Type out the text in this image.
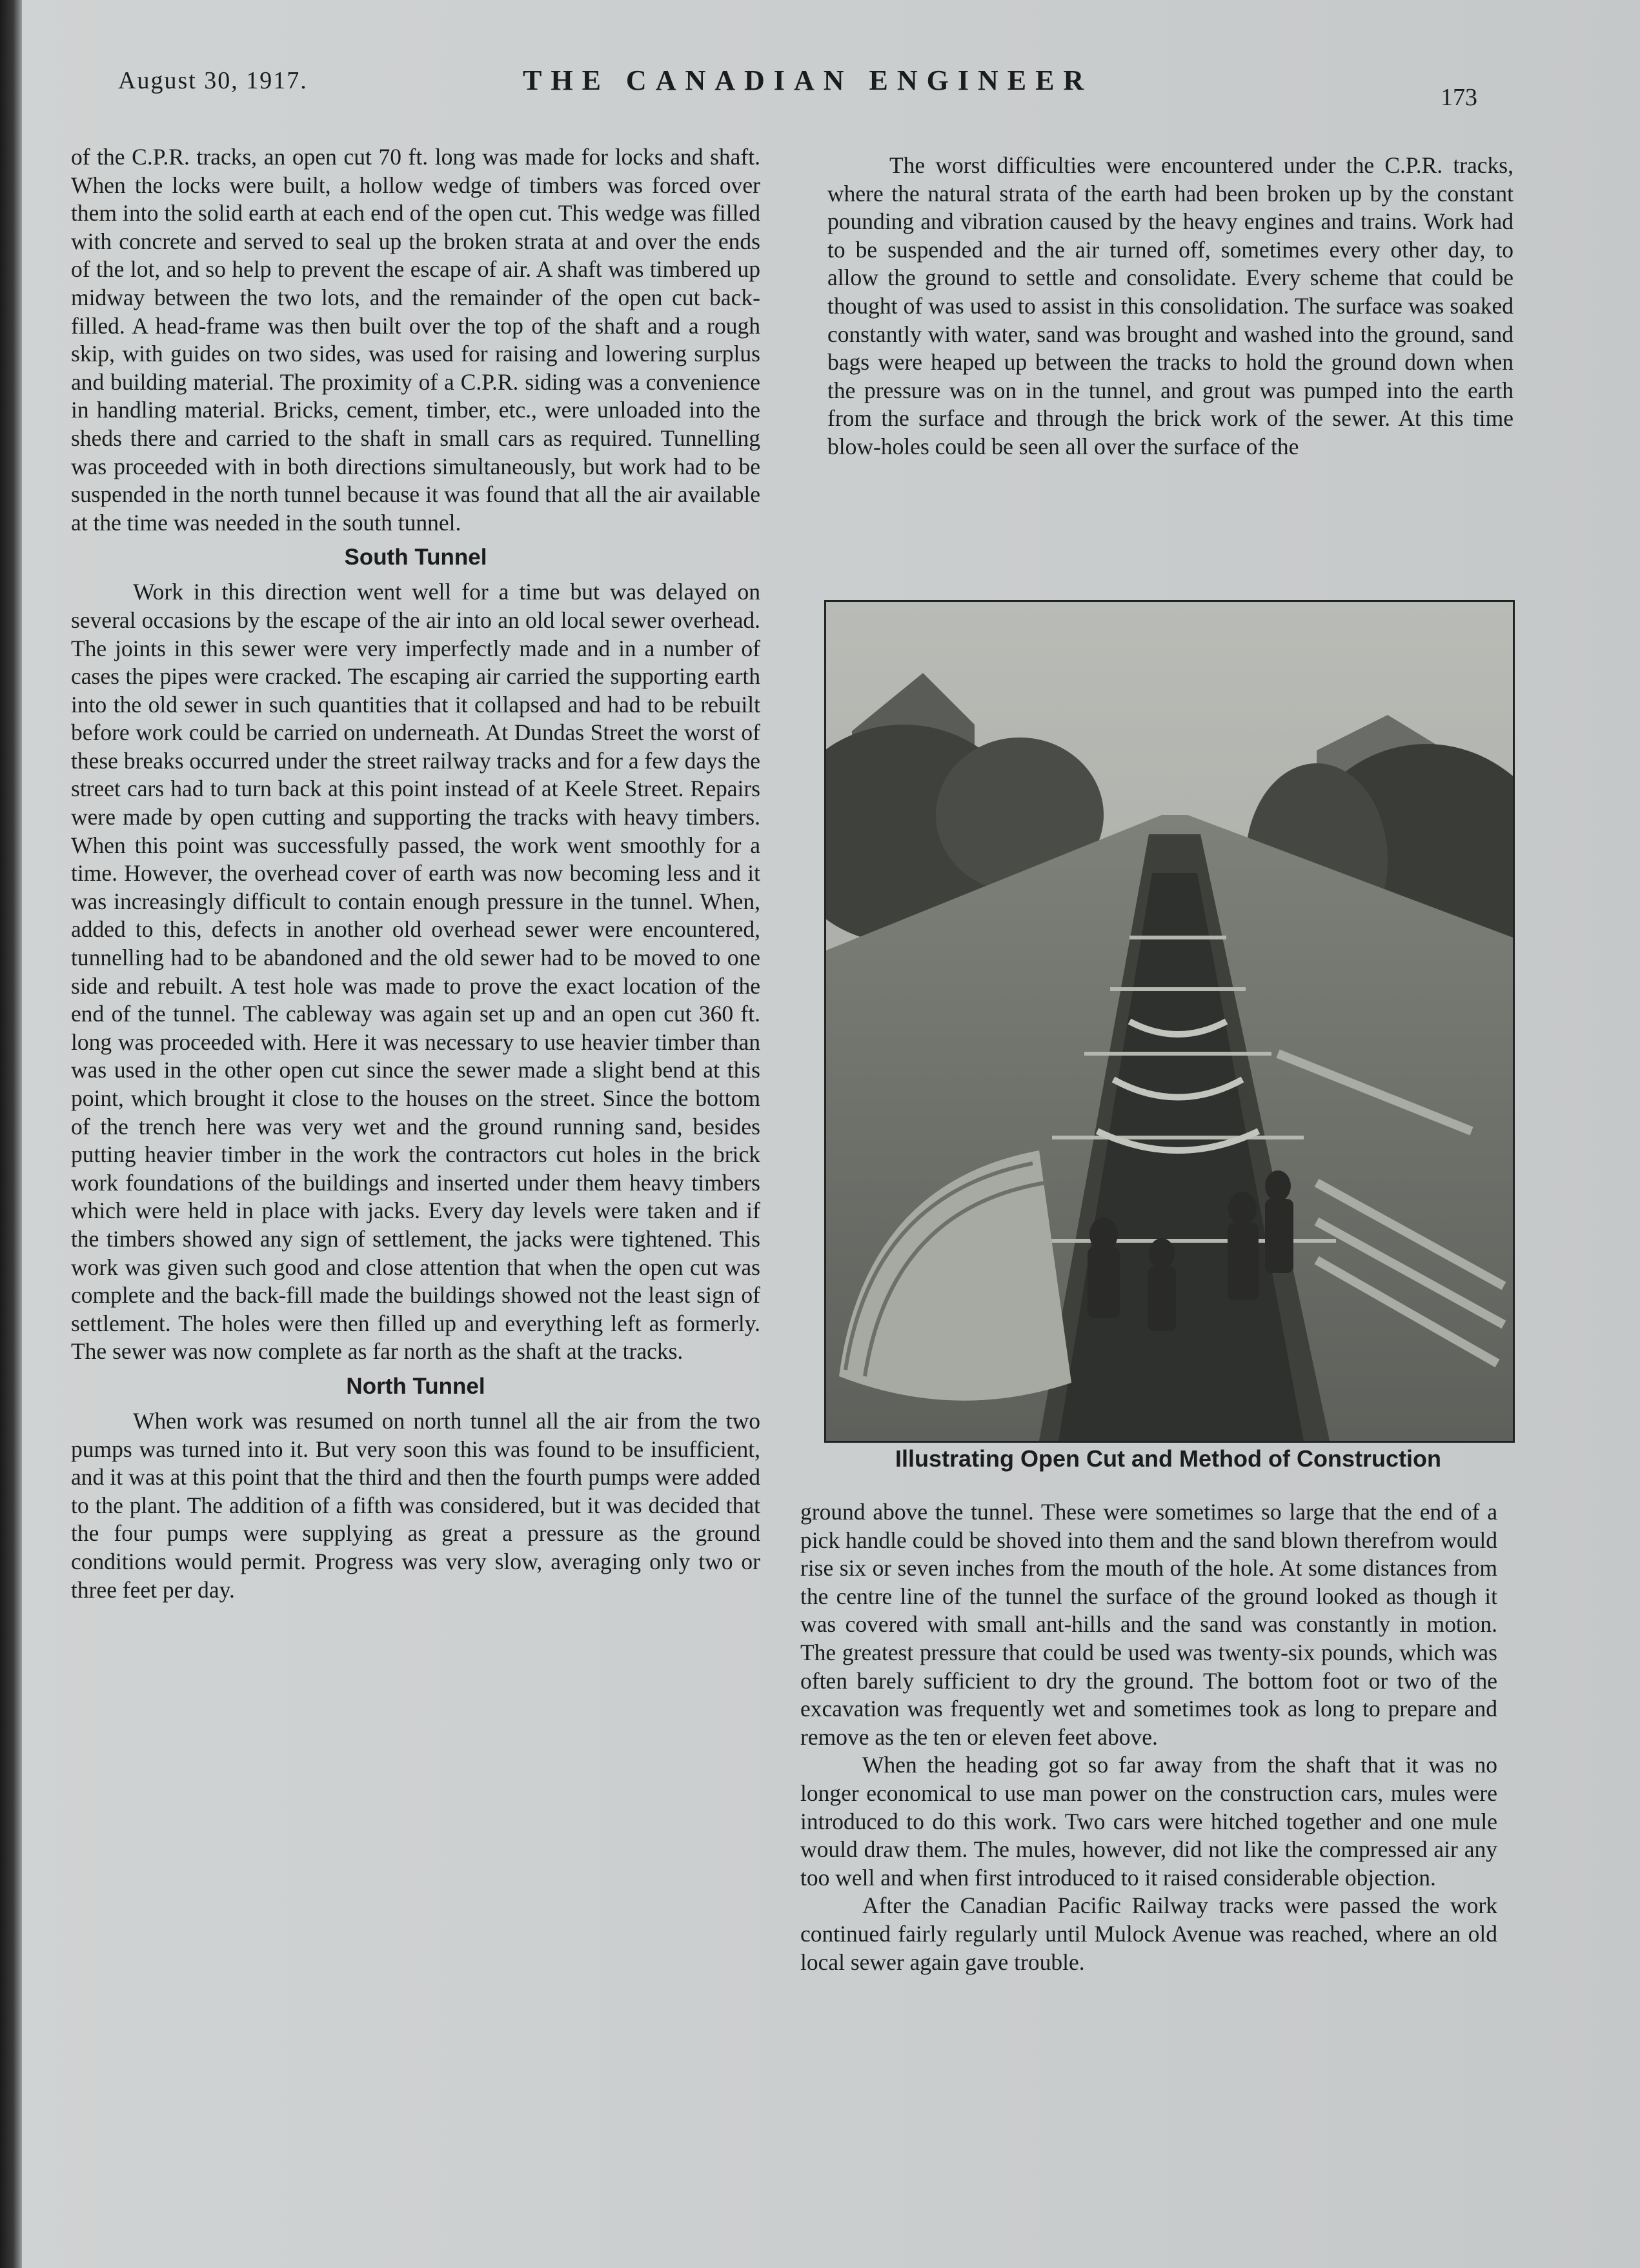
August 30, 1917.	THE CANADIAN ENGINEER
173

of the C.P.R. tracks, an open cut 70 ft. long was made for locks and shaft. When the locks were built, a hollow wedge of timbers was forced over them into the solid earth at each end of the open cut. This wedge was filled with concrete and served to seal up the broken strata at and over the ends of the lot, and so help to prevent the escape of air. A shaft was timbered up midway between the two lots, and the remainder of the open cut back-filled. A head-frame was then built over the top of the shaft and a rough skip, with guides on two sides, was used for raising and lowering surplus and building material. The proximity of a C.P.R. siding was a convenience in handling material. Bricks, cement, timber, etc., were unloaded into the sheds there and carried to the shaft in small cars as required. Tunnelling was proceeded with in both directions simultaneously, but work had to be suspended in the north tunnel because it was found that all the air available at the time was needed in the south tunnel.

South Tunnel

Work in this direction went well for a time but was delayed on several occasions by the escape of the air into an old local sewer overhead. The joints in this sewer were very imperfectly made and in a number of cases the pipes were cracked. The escaping air carried the supporting earth into the old sewer in such quantities that it collapsed and had to be rebuilt before work could be carried on underneath. At Dundas Street the worst of these breaks occurred under the street railway tracks and for a few days the street cars had to turn back at this point instead of at Keele Street. Repairs were made by open cutting and supporting the tracks with heavy timbers. When this point was successfully passed, the work went smoothly for a time. However, the overhead cover of earth was now becoming less and it was increasingly difficult to contain enough pressure in the tunnel. When, added to this, defects in another old overhead sewer were encountered, tunnelling had to be abandoned and the old sewer had to be moved to one side and rebuilt. A test hole was made to prove the exact location of the end of the tunnel. The cableway was again set up and an open cut 360 ft. long was proceeded with. Here it was necessary to use heavier timber than was used in the other open cut since the sewer made a slight bend at this point, which brought it close to the houses on the street. Since the bottom of the trench here was very wet and the ground running sand, besides putting heavier timber in the work the contractors cut holes in the brick work foundations of the buildings and inserted under them heavy timbers which were held in place with jacks. Every day levels were taken and if the timbers showed any sign of settlement, the jacks were tightened. This work was given such good and close attention that when the open cut was complete and the back-fill made the buildings showed not the least sign of settlement. The holes were then filled up and everything left as formerly. The sewer was now complete as far north as the shaft at the tracks.

North Tunnel

When work was resumed on north tunnel all the air from the two pumps was turned into it. But very soon this was found to be insufficient, and it was at this point that the third and then the fourth pumps were added to the plant. The addition of a fifth was considered, but it was decided that the four pumps were supplying as great a pressure as the ground conditions would permit. Progress was very slow, averaging only two or three feet per day.

The worst difficulties were encountered under the C.P.R. tracks, where the natural strata of the earth had been broken up by the constant pounding and vibration caused by the heavy engines and trains. Work had to be suspended and the air turned off, sometimes every other day, to allow the ground to settle and consolidate. Every scheme that could be thought of was used to assist in this consolidation. The surface was soaked constantly with water, sand was brought and washed into the ground, sand bags were heaped up between the tracks to hold the ground down when the pressure was on in the tunnel, and grout was pumped into the earth from the surface and through the brick work of the sewer. At this time blow-holes could be seen all over the surface of the

Illustrating Open Cut and Method of Construction

ground above the tunnel. These were sometimes so large that the end of a pick handle could be shoved into them and the sand blown therefrom would rise six or seven inches from the mouth of the hole. At some distances from the centre line of the tunnel the surface of the ground looked as though it was covered with small ant-hills and the sand was constantly in motion. The greatest pressure that could be used was twenty-six pounds, which was often barely sufficient to dry the ground. The bottom foot or two of the excavation was frequently wet and sometimes took as long to prepare and remove as the ten or eleven feet above.

When the heading got so far away from the shaft that it was no longer economical to use man power on the construction cars, mules were introduced to do this work. Two cars were hitched together and one mule would draw them. The mules, however, did not like the compressed air any too well and when first introduced to it raised considerable objection.

After the Canadian Pacific Railway tracks were passed the work continued fairly regularly until Mulock Avenue was reached, where an old local sewer again gave trouble.
